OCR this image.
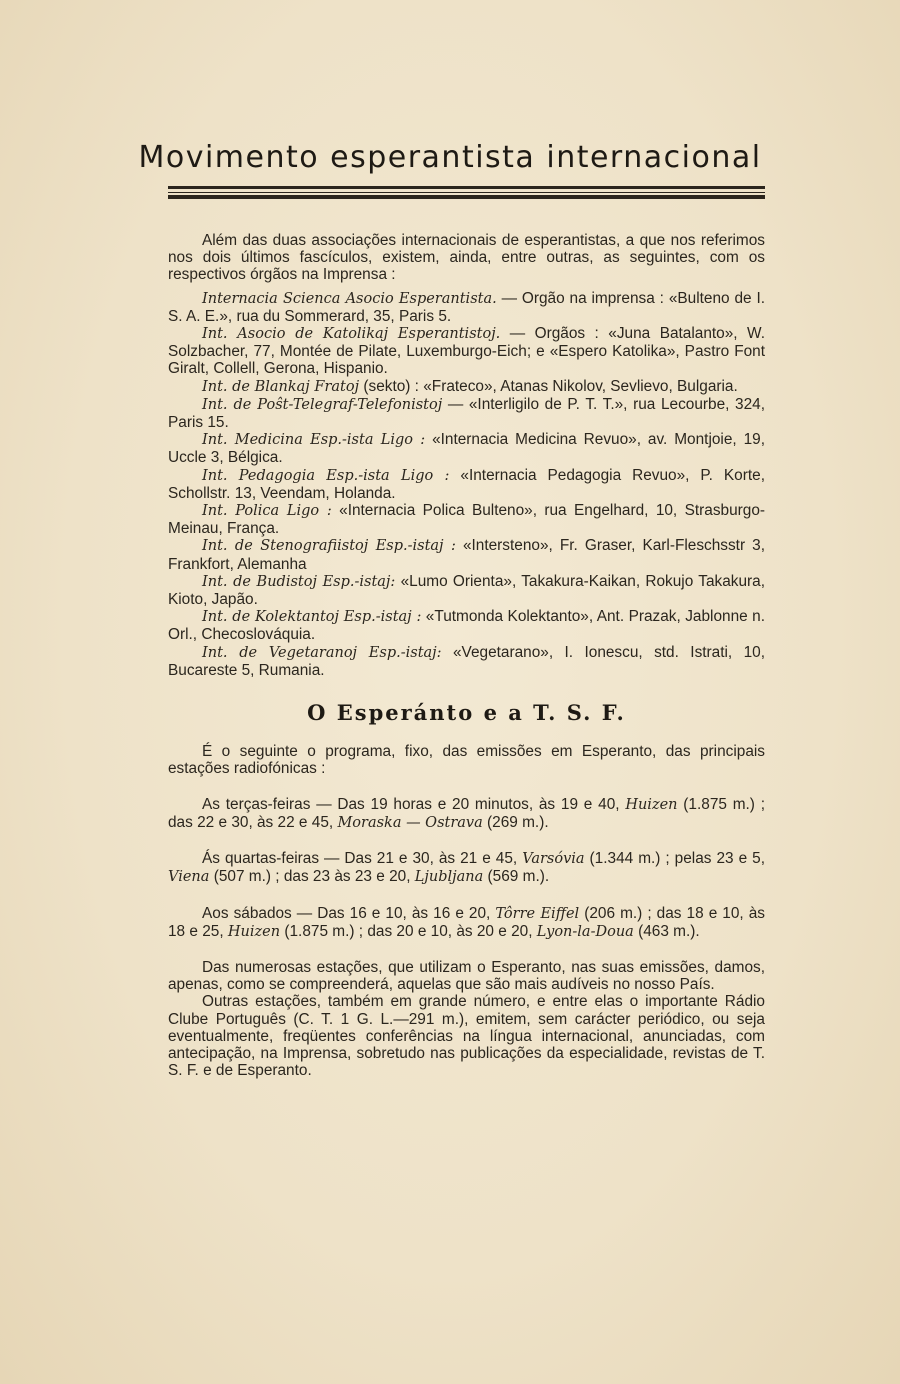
Movimento esperantista internacional

Além das duas associações internacionais de esperantistas, a que nos referimos nos dois últimos fascículos, existem, ainda, entre outras, as seguintes, com os respectivos órgãos na Imprensa :

Internacia Scienca Asocio Esperantista. — Orgão na imprensa : «Bulteno de I. S. A. E.», rua du Sommerard, 35, Paris 5.

Int. Asocio de Katolikaj Esperantistoj. — Orgãos : «Juna Batalanto», W. Solzbacher, 77, Montée de Pilate, Luxemburgo-Eich; e «Espero Katolika», Pastro Font Giralt, Collell, Gerona, Hispanio.

Int. de Blankaj Fratoj (sekto) : «Frateco», Atanas Nikolov, Sevlievo, Bulgaria.

Int. de Poŝt-Telegraf-Telefonistoj — «Interligilo de P. T. T.», rua Lecourbe, 324, Paris 15.

Int. Medicina Esp.-ista Ligo : «Internacia Medicina Revuo», av. Montjoie, 19, Uccle 3, Bélgica.

Int. Pedagogia Esp.-ista Ligo : «Internacia Pedagogia Revuo», P. Korte, Schollstr. 13, Veendam, Holanda.

Int. Polica Ligo : «Internacia Polica Bulteno», rua Engelhard, 10, Strasburgo-Meinau, França.

Int. de Stenografiistoj Esp.-istaj : «Intersteno», Fr. Graser, Karl-Fleschsstr 3, Frankfort, Alemanha

Int. de Budistoj Esp.-istaj: «Lumo Orienta», Takakura-Kaikan, Rokujo Takakura, Kioto, Japão.

Int. de Kolektantoj Esp.-istaj : «Tutmonda Kolektanto», Ant. Prazak, Jablonne n. Orl., Checoslováquia.

Int. de Vegetaranoj Esp.-istaj: «Vegetarano», I. Ionescu, std. Istrati, 10, Bucareste 5, Rumania.

O Esperánto e a T. S. F.

É o seguinte o programa, fixo, das emissões em Esperanto, das principais estações radiofónicas :

As terças-feiras — Das 19 horas e 20 minutos, às 19 e 40, Huizen (1.875 m.) ; das 22 e 30, às 22 e 45, Moraska — Ostrava (269 m.).

Ás quartas-feiras — Das 21 e 30, às 21 e 45, Varsóvia (1.344 m.) ; pelas 23 e 5, Viena (507 m.) ; das 23 às 23 e 20, Ljubljana (569 m.).

Aos sábados — Das 16 e 10, às 16 e 20, Tôrre Eiffel (206 m.) ; das 18 e 10, às 18 e 25, Huizen (1.875 m.) ; das 20 e 10, às 20 e 20, Lyon-la-Doua (463 m.).

Das numerosas estações, que utilizam o Esperanto, nas suas emissões, damos, apenas, como se compreenderá, aquelas que são mais audíveis no nosso País.

Outras estações, também em grande número, e entre elas o importante Rádio Clube Português (C. T. 1 G. L.—291 m.), emitem, sem carácter periódico, ou seja eventualmente, freqüentes conferências na língua internacional, anunciadas, com antecipação, na Imprensa, sobretudo nas publicações da especialidade, revistas de T. S. F. e de Esperanto.
